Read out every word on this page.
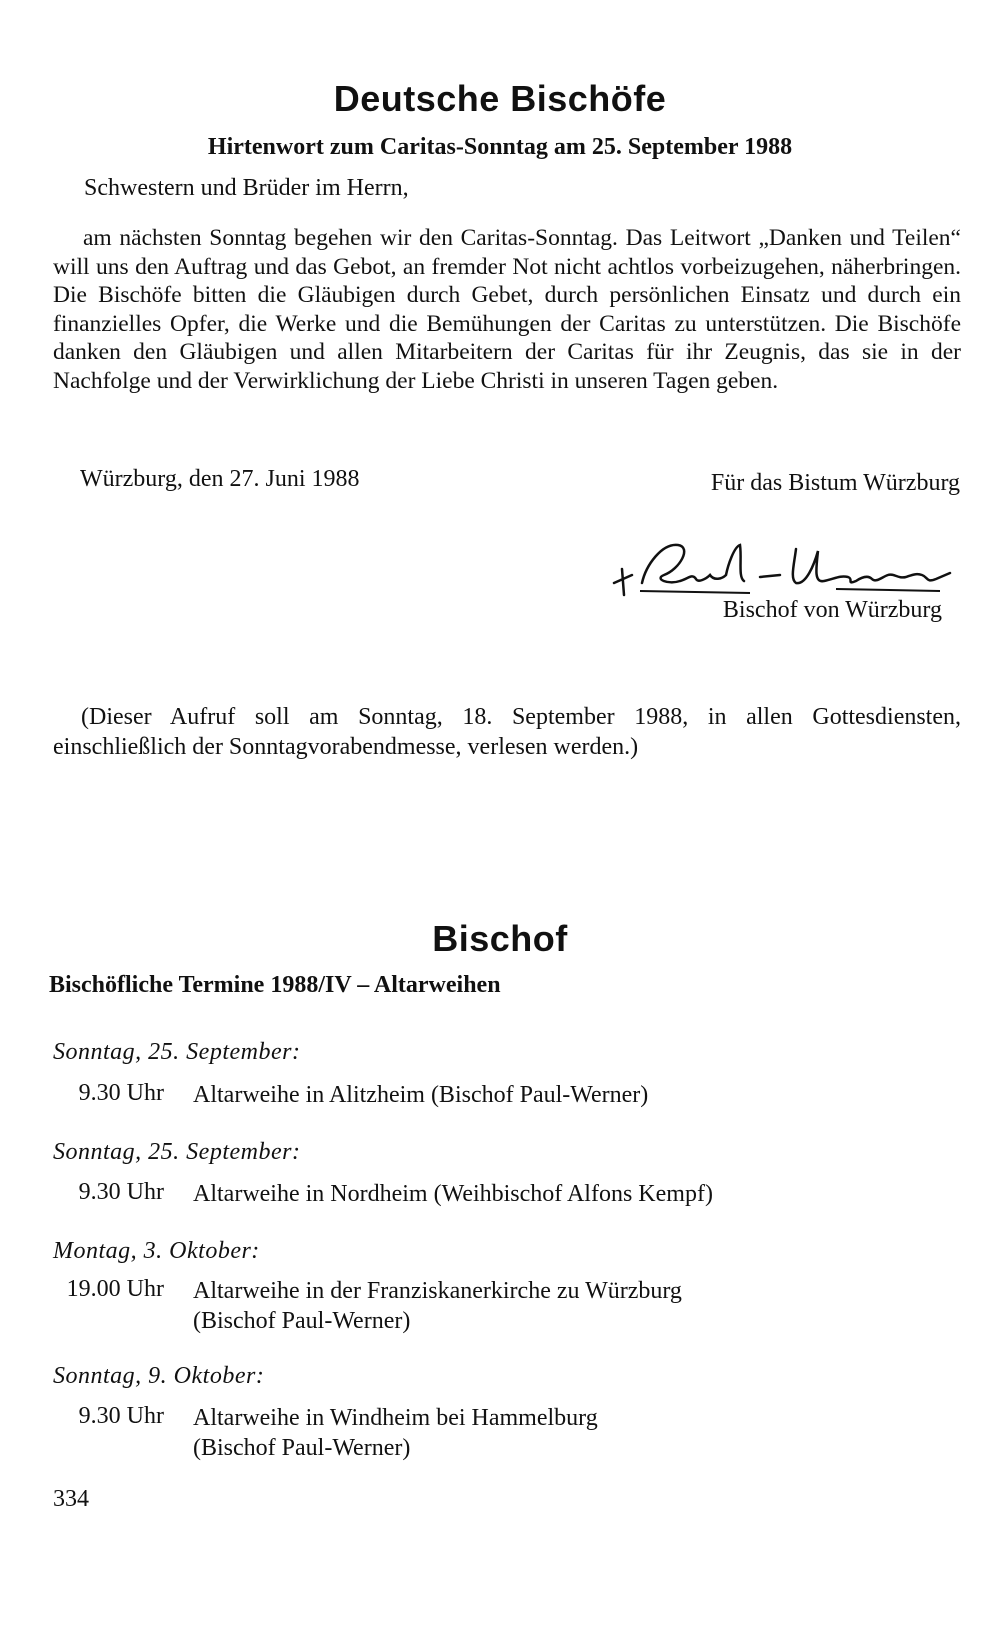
Deutsche Bischöfe
Hirtenwort zum Caritas-Sonntag am 25. September 1988
Schwestern und Brüder im Herrn,
am nächsten Sonntag begehen wir den Caritas-Sonntag. Das Leitwort „Danken und Teilen“ will uns den Auftrag und das Gebot, an fremder Not nicht achtlos vorbeizugehen, näherbringen. Die Bischöfe bitten die Gläubigen durch Gebet, durch persönlichen Einsatz und durch ein finanzielles Opfer, die Werke und die Bemühungen der Caritas zu unterstützen. Die Bischöfe danken den Gläubigen und allen Mitarbeitern der Caritas für ihr Zeugnis, das sie in der Nachfolge und der Verwirklichung der Liebe Christi in unseren Tagen geben.
Würzburg, den 27. Juni 1988	Für das Bistum Würzburg
Bischof von Würzburg
(Dieser Aufruf soll am Sonntag, 18. September 1988, in allen Gottesdiensten, einschließlich der Sonntagvorabendmesse, verlesen werden.)
Bischof
Bischöfliche Termine 1988/IV – Altarweihen
Sonntag, 25. September:
9.30 Uhr Altarweihe in Alitzheim (Bischof Paul-Werner)
Sonntag, 25. September:
9.30 Uhr Altarweihe in Nordheim (Weihbischof Alfons Kempf)
Montag, 3. Oktober:
19.00 Uhr Altarweihe in der Franziskanerkirche zu Würzburg
(Bischof Paul-Werner)
Sonntag, 9. Oktober:
9.30 Uhr Altarweihe in Windheim bei Hammelburg
(Bischof Paul-Werner)
334
